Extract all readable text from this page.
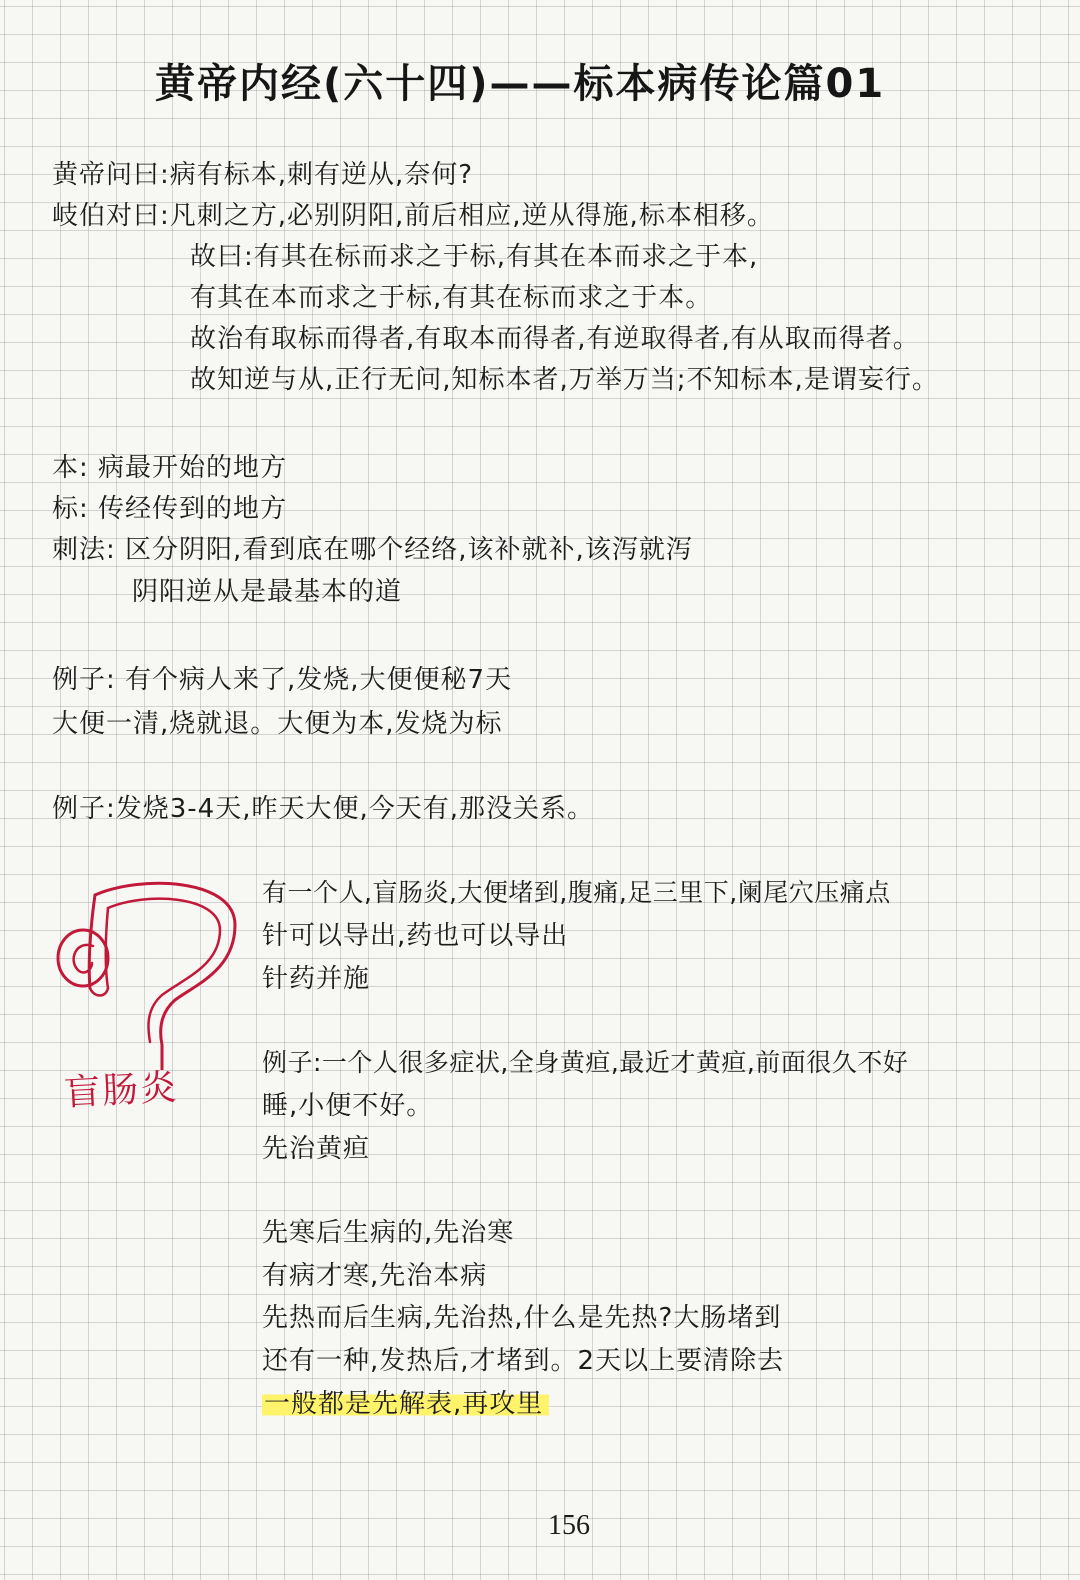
黄帝内经(六十四)——标本病传论篇01
黄帝问曰:病有标本,刺有逆从,奈何?
岐伯对曰:凡刺之方,必别阴阳,前后相应,逆从得施,标本相移。
故曰:有其在标而求之于标,有其在本而求之于本,
有其在本而求之于标,有其在标而求之于本。
故治有取标而得者,有取本而得者,有逆取得者,有从取而得者。
故知逆与从,正行无问,知标本者,万举万当;不知标本,是谓妄行。
本: 病最开始的地方
标: 传经传到的地方
刺法: 区分阴阳,看到底在哪个经络,该补就补,该泻就泻
阴阳逆从是最基本的道
例子: 有个病人来了,发烧,大便便秘7天
大便一清,烧就退。大便为本,发烧为标
例子:发烧3-4天,昨天大便,今天有,那没关系。
盲肠炎
有一个人,盲肠炎,大便堵到,腹痛,足三里下,阑尾穴压痛点
针可以导出,药也可以导出
针药并施
例子:一个人很多症状,全身黄疸,最近才黄疸,前面很久不好
睡,小便不好。
先治黄疸
先寒后生病的,先治寒
有病才寒,先治本病
先热而后生病,先治热,什么是先热?大肠堵到
还有一种,发热后,才堵到。2天以上要清除去
一般都是先解表,再攻里
156
